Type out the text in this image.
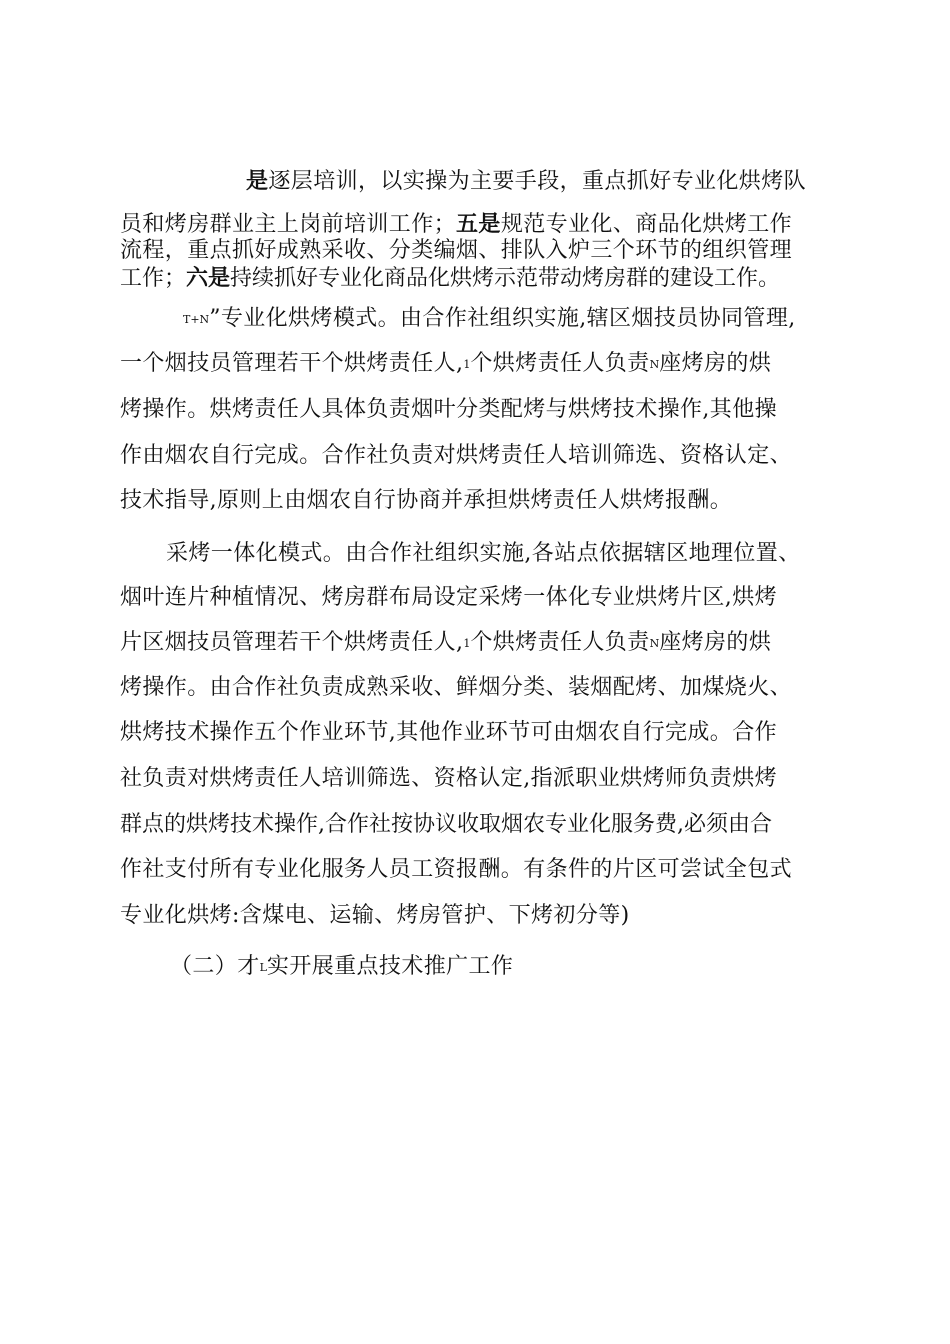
是逐层培训，以实操为主要手段，重点抓好专业化烘烤队
员和烤房群业主上岗前培训工作；五是规范专业化、商品化烘烤工作
流程，重点抓好成熟采收、分类编烟、排队入炉三个环节的组织管理
工作；六是持续抓好专业化商品化烘烤示范带动烤房群的建设工作。
T+N”专业化烘烤模式。由合作社组织实施,辖区烟技员协同管理,
一个烟技员管理若干个烘烤责任人,1个烘烤责任人负责N座烤房的烘
烤操作。烘烤责任人具体负责烟叶分类配烤与烘烤技术操作,其他操
作由烟农自行完成。合作社负责对烘烤责任人培训筛选、资格认定、
技术指导,原则上由烟农自行协商并承担烘烤责任人烘烤报酬。
采烤一体化模式。由合作社组织实施,各站点依据辖区地理位置、
烟叶连片种植情况、烤房群布局设定采烤一体化专业烘烤片区,烘烤
片区烟技员管理若干个烘烤责任人,1个烘烤责任人负责N座烤房的烘
烤操作。由合作社负责成熟采收、鲜烟分类、装烟配烤、加煤烧火、
烘烤技术操作五个作业环节,其他作业环节可由烟农自行完成。合作
社负责对烘烤责任人培训筛选、资格认定,指派职业烘烤师负责烘烤
群点的烘烤技术操作,合作社按协议收取烟农专业化服务费,必须由合
作社支付所有专业化服务人员工资报酬。有条件的片区可尝试全包式
专业化烘烤:含煤电、运输、烤房管护、下烤初分等)
（二）才L实开展重点技术推广工作
